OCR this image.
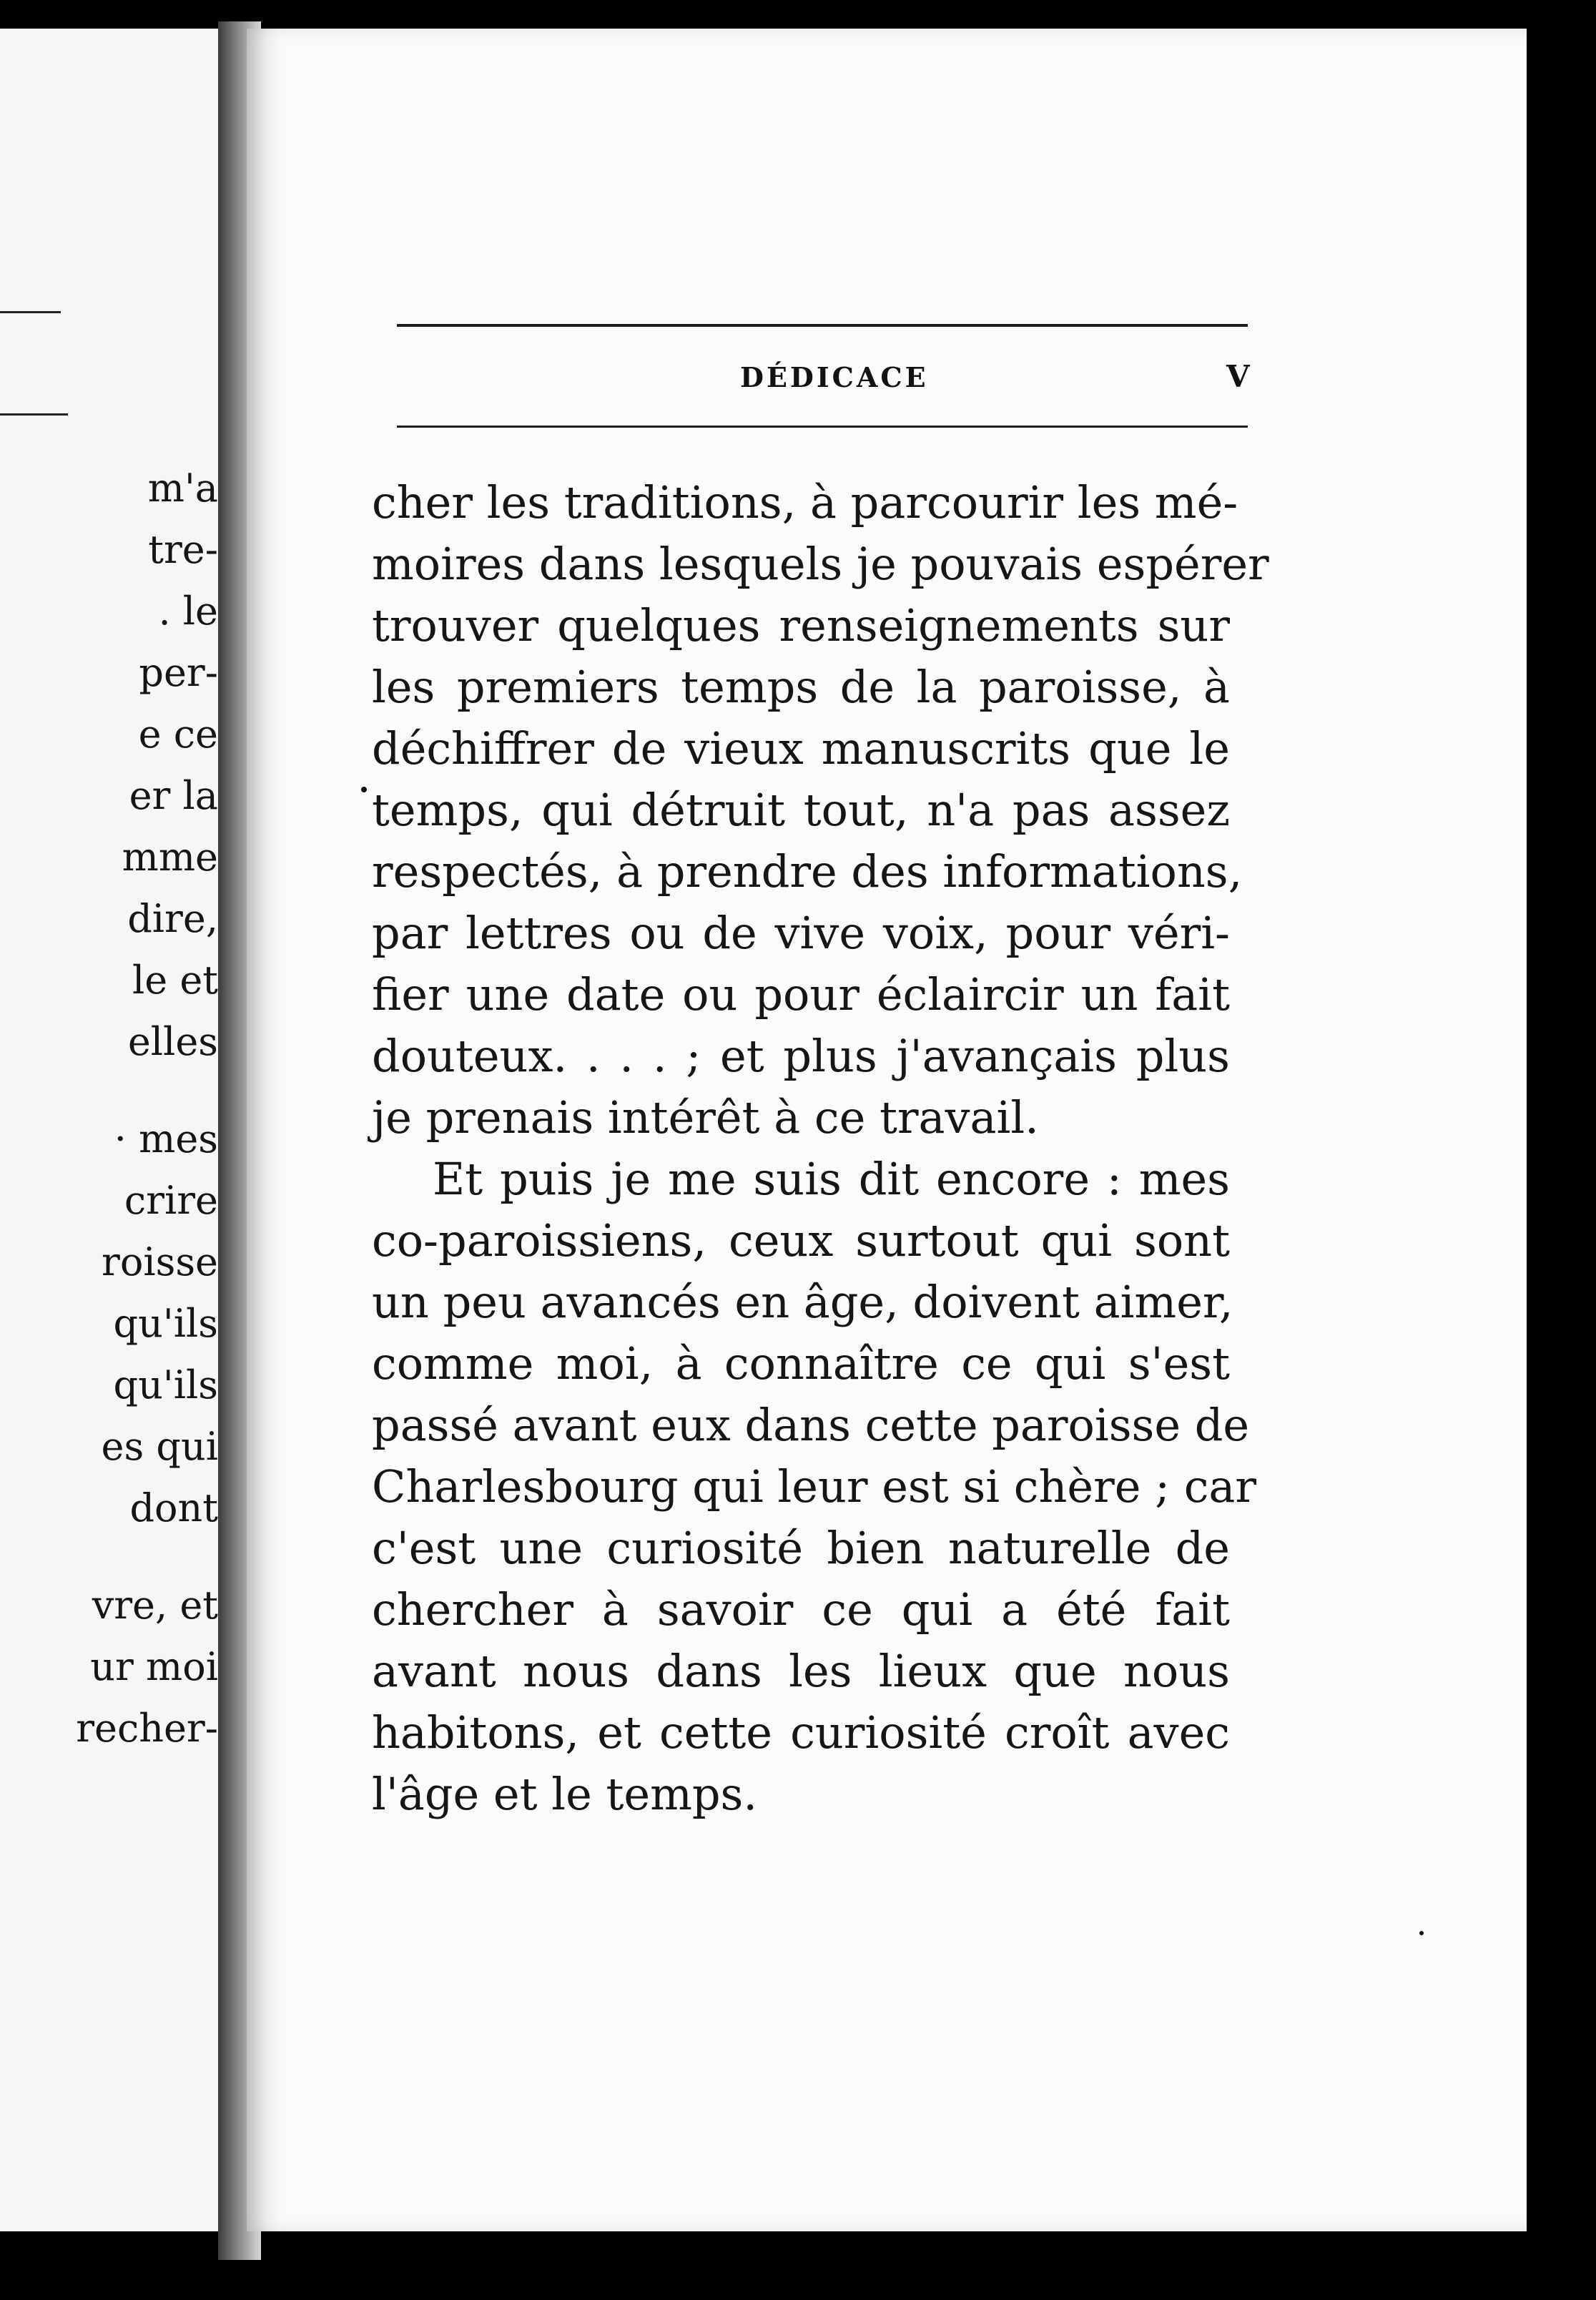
m'a
tre-
. le
per-
e ce
er la
mme
dire,
le et
elles
· mes
crire
roisse
qu'ils
qu'ils
es qui
dont
vre, et
ur moi
recher-
DÉDICACE	V

cher les traditions, à parcourir les mé-
moires dans lesquels je pouvais espérer
trouver quelques renseignements sur
les premiers temps de la paroisse, à
déchiffrer de vieux manuscrits que le
temps, qui détruit tout, n'a pas assez
respectés, à prendre des informations,
par lettres ou de vive voix, pour véri-
fier une date ou pour éclaircir un fait
douteux. . . . ; et plus j'avançais plus
je prenais intérêt à ce travail.

Et puis je me suis dit encore : mes
co-paroissiens, ceux surtout qui sont
un peu avancés en âge, doivent aimer,
comme moi, à connaître ce qui s'est
passé avant eux dans cette paroisse de
Charlesbourg qui leur est si chère ; car
c'est une curiosité bien naturelle de
chercher à savoir ce qui a été fait
avant nous dans les lieux que nous
habitons, et cette curiosité croît avec
l'âge et le temps.
